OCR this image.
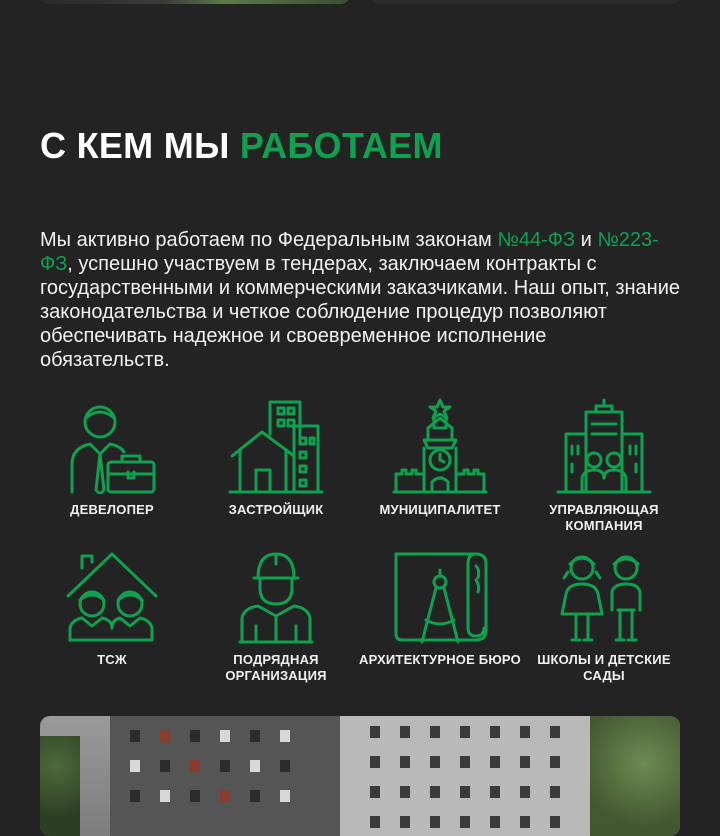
С КЕМ МЫ РАБОТАЕМ

Мы активно работаем по Федеральным законам №44-ФЗ и №223-ФЗ, успешно участвуем в тендерах, заключаем контракты с государственными и коммерческими заказчиками. Наш опыт, знание законодательства и четкое соблюдение процедур позволяют обеспечивать надежное и своевременное исполнение обязательств.

ДЕВЕЛОПЕР	ЗАСТРОЙЩИК	МУНИЦИПАЛИТЕТ	УПРАВЛЯЮЩАЯ КОМПАНИЯ
ТСЖ	ПОДРЯДНАЯ ОРГАНИЗАЦИЯ
АРХИТЕКТУРНОЕ БЮРО	ШКОЛЫ И ДЕТСКИЕ САДЫ
